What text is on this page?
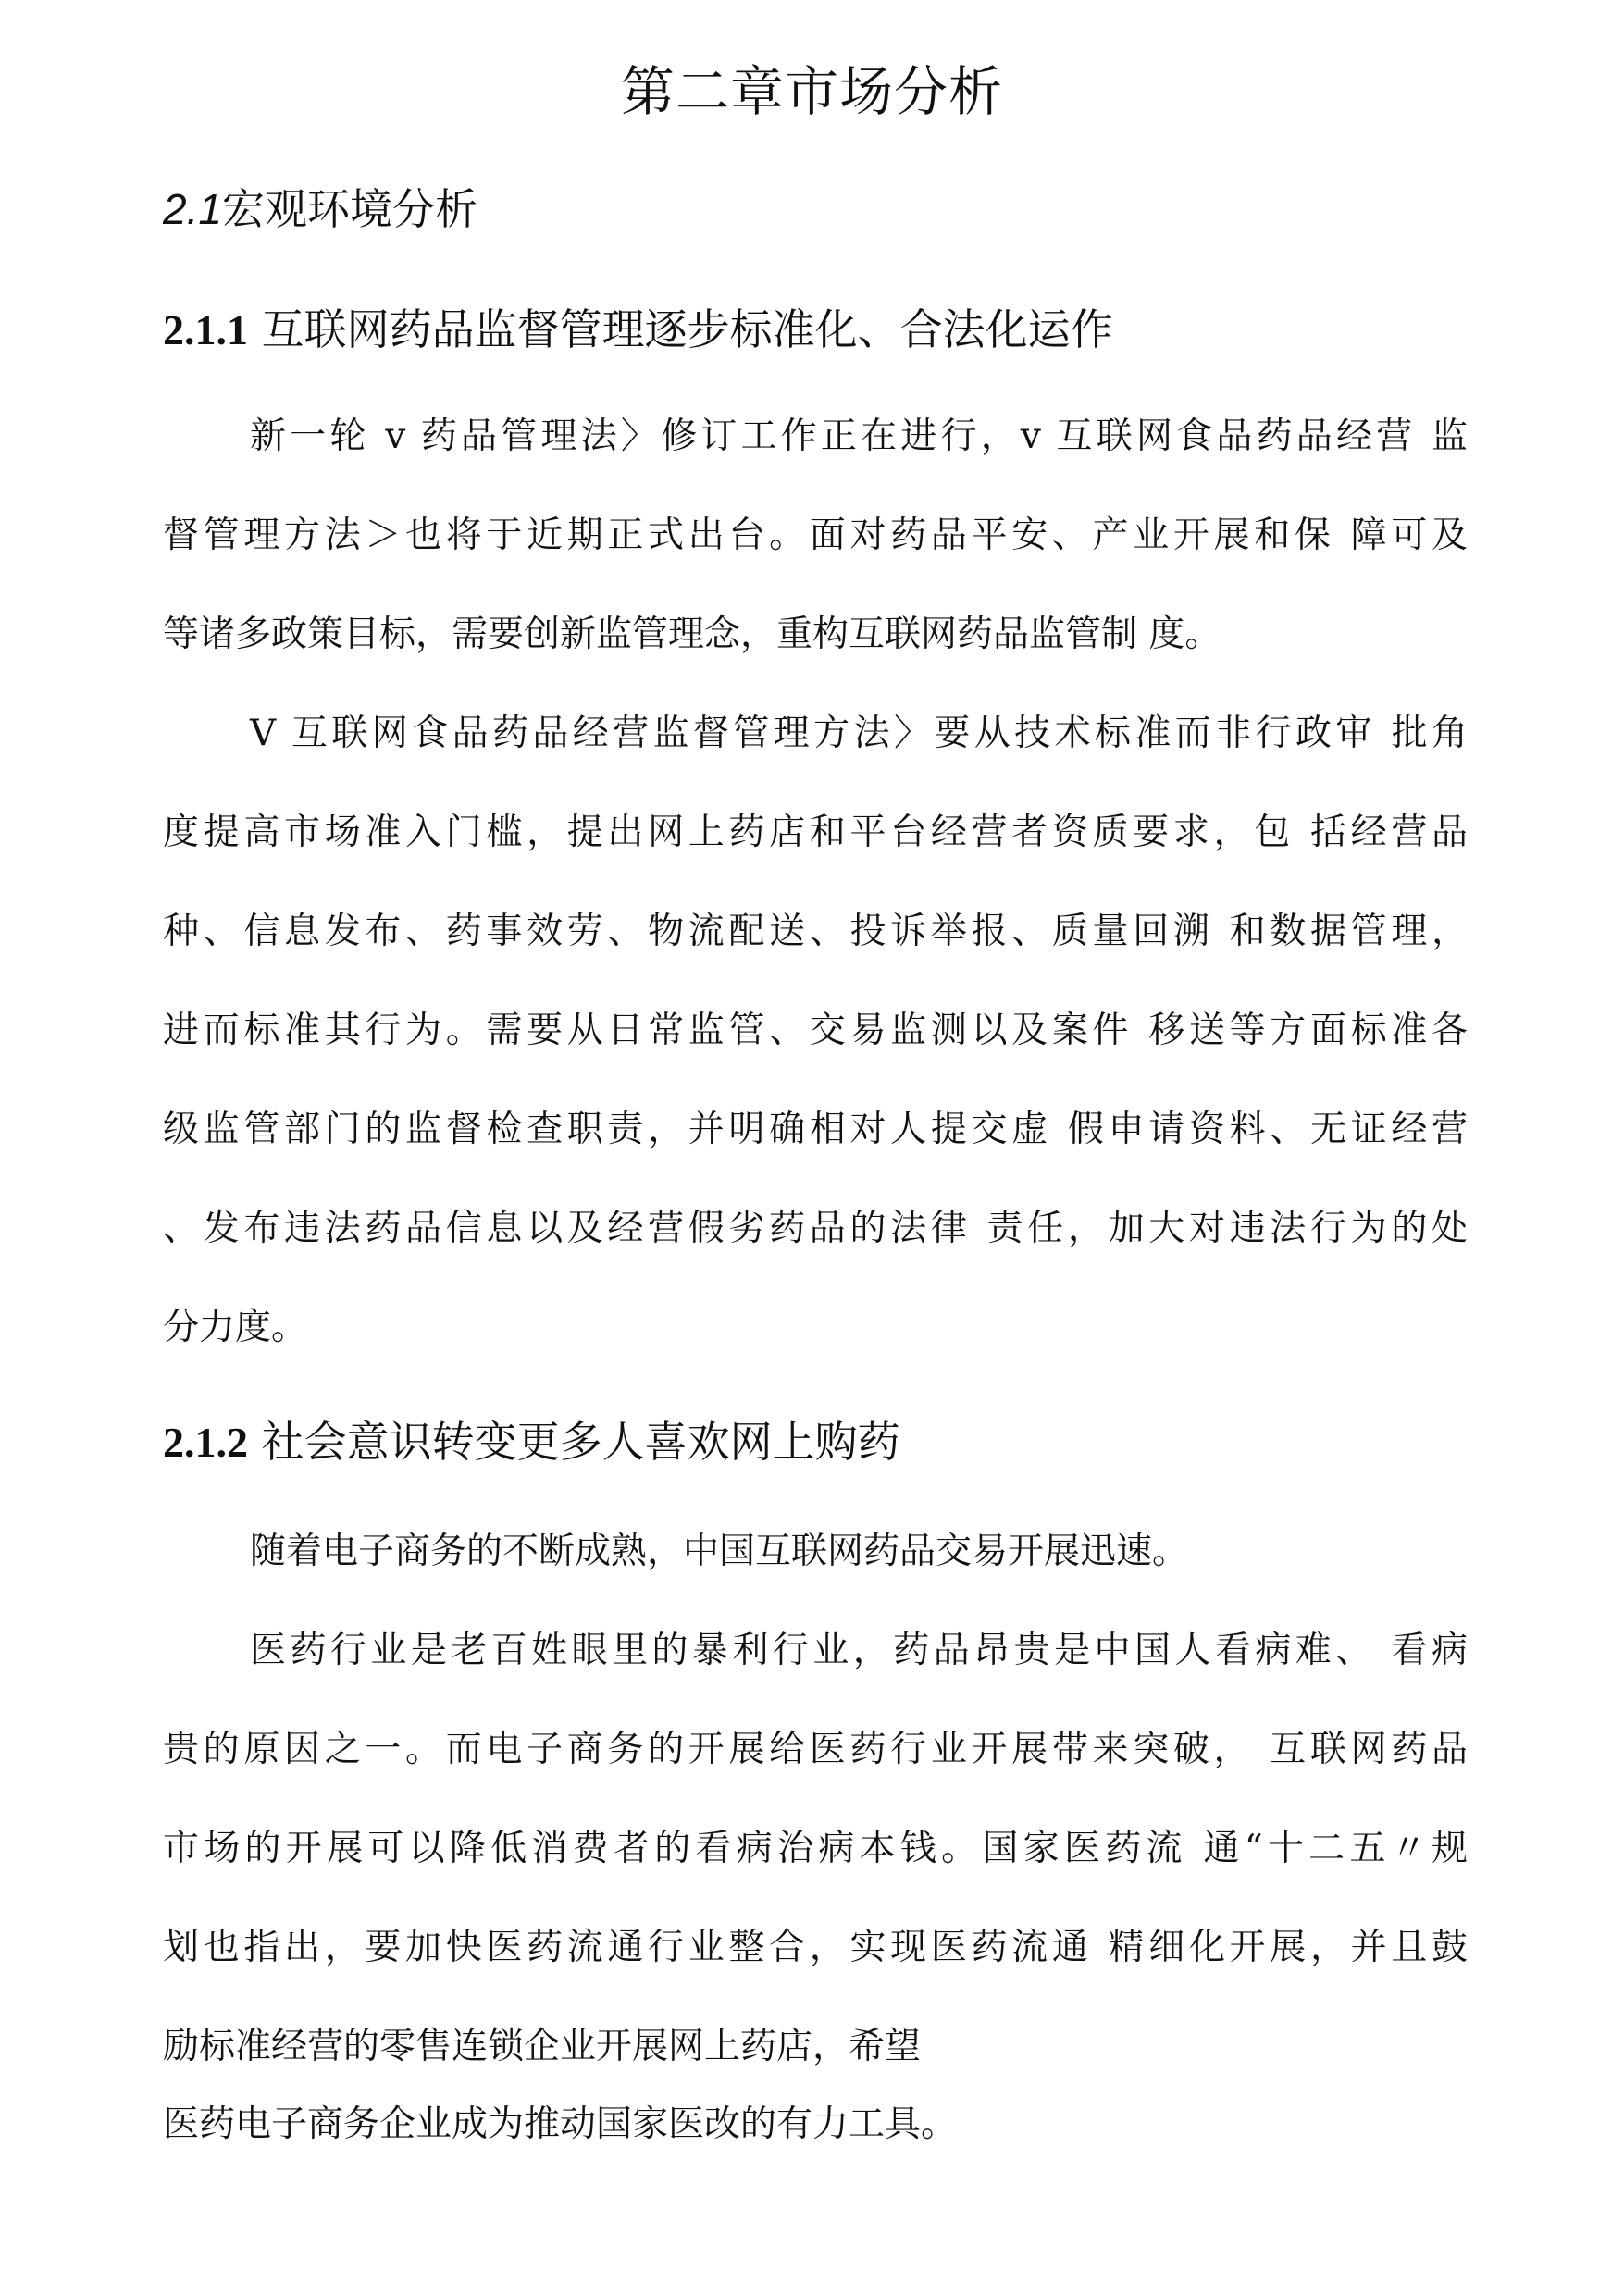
第二章市场分析
2.1宏观环境分析
2.1.1 互联网药品监督管理逐步标准化、合法化运作

新一轮 v 药品管理法〉修订工作正在进行，v 互联网食品药品经营 监

督管理方法＞也将于近期正式出台。面对药品平安、产业开展和保 障可及

等诸多政策目标，需要创新监管理念，重构互联网药品监管制 度。

V 互联网食品药品经营监督管理方法〉要从技术标准而非行政审 批角

度提高市场准入门槛，提出网上药店和平台经营者资质要求，包 括经营品

种、信息发布、药事效劳、物流配送、投诉举报、质量回溯 和数据管理，

进而标准其行为。需要从日常监管、交易监测以及案件 移送等方面标准各

级监管部门的监督检查职责，并明确相对人提交虚 假申请资料、无证经营

、发布违法药品信息以及经营假劣药品的法律 责任，加大对违法行为的处

分力度。

2.1.2 社会意识转变更多人喜欢网上购药

随着电子商务的不断成熟，中国互联网药品交易开展迅速。

医药行业是老百姓眼里的暴利行业，药品昂贵是中国人看病难、 看病

贵的原因之一。而电子商务的开展给医药行业开展带来突破， 互联网药品

市场的开展可以降低消费者的看病治病本钱。国家医药流 通“十二五〃规

划也指出，要加快医药流通行业整合，实现医药流通 精细化开展，并且鼓

励标准经营的零售连锁企业开展网上药店，希望

医药电子商务企业成为推动国家医改的有力工具。
